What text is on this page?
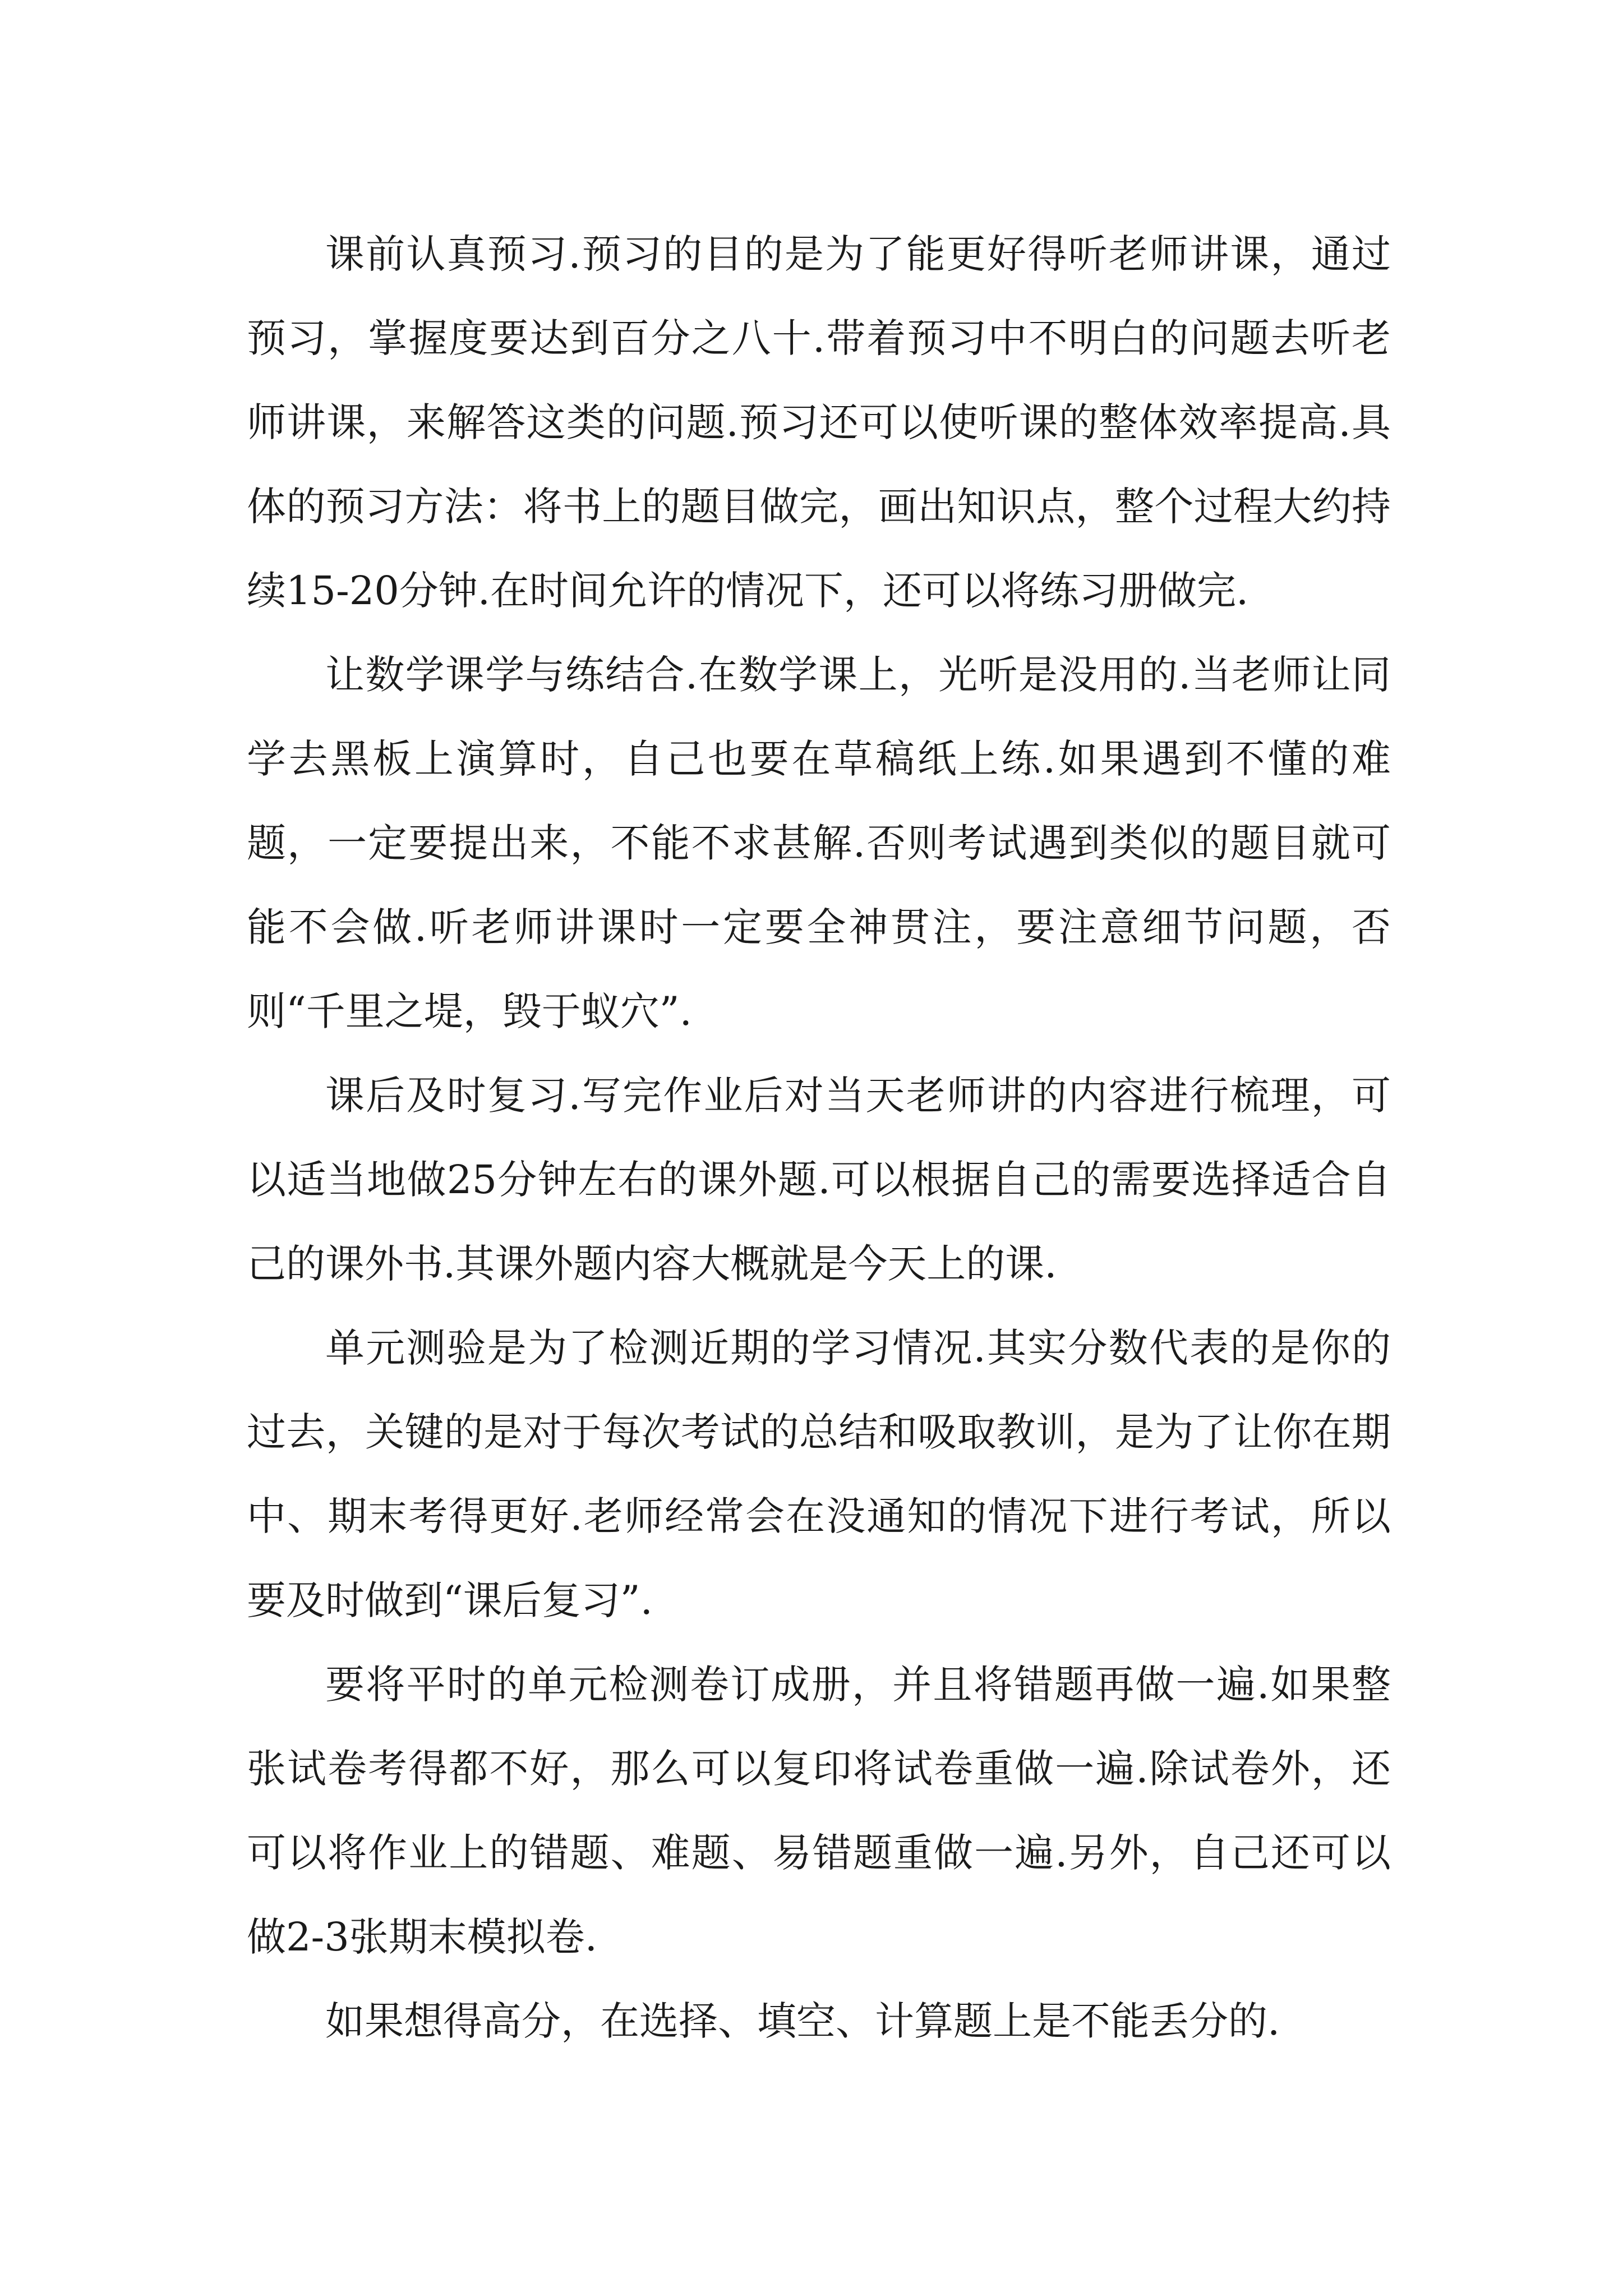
课前认真预习.预习的目的是为了能更好得听老师讲课，通过预习，掌握度要达到百分之八十.带着预习中不明白的问题去听老师讲课，来解答这类的问题.预习还可以使听课的整体效率提高.具体的预习方法：将书上的题目做完，画出知识点，整个过程大约持续15-20分钟.在时间允许的情况下，还可以将练习册做完.

让数学课学与练结合.在数学课上，光听是没用的.当老师让同学去黑板上演算时，自己也要在草稿纸上练.如果遇到不懂的难题，一定要提出来，不能不求甚解.否则考试遇到类似的题目就可能不会做.听老师讲课时一定要全神贯注，要注意细节问题，否则“千里之堤，毁于蚁穴”.

课后及时复习.写完作业后对当天老师讲的内容进行梳理，可以适当地做25分钟左右的课外题.可以根据自己的需要选择适合自己的课外书.其课外题内容大概就是今天上的课.

单元测验是为了检测近期的学习情况.其实分数代表的是你的过去，关键的是对于每次考试的总结和吸取教训，是为了让你在期中、期末考得更好.老师经常会在没通知的情况下进行考试，所以要及时做到“课后复习”.

要将平时的单元检测卷订成册，并且将错题再做一遍.如果整张试卷考得都不好，那么可以复印将试卷重做一遍.除试卷外，还可以将作业上的错题、难题、易错题重做一遍.另外，自己还可以做2-3张期末模拟卷.

如果想得高分，在选择、填空、计算题上是不能丢分的.
